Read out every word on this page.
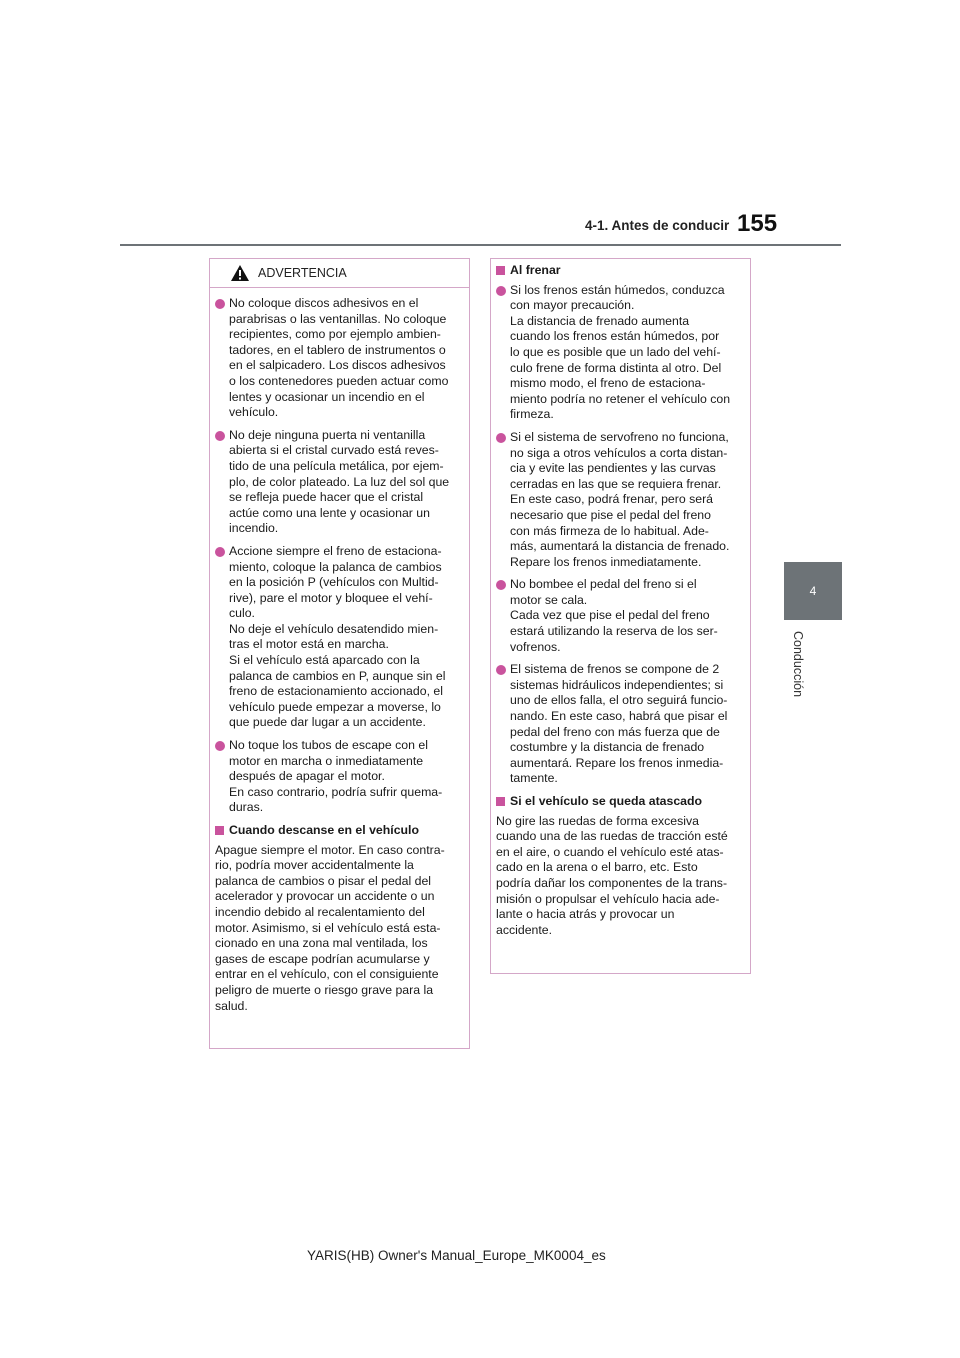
4-1. Antes de conducir 155
4
Conducción
ADVERTENCIA

No coloque discos adhesivos en el
parabrisas o las ventanillas. No coloque
recipientes, como por ejemplo ambien-
tadores, en el tablero de instrumentos o
en el salpicadero. Los discos adhesivos
o los contenedores pueden actuar como
lentes y ocasionar un incendio en el
vehículo.

No deje ninguna puerta ni ventanilla
abierta si el cristal curvado está reves-
tido de una película metálica, por ejem-
plo, de color plateado. La luz del sol que
se refleja puede hacer que el cristal
actúe como una lente y ocasionar un
incendio.

Accione siempre el freno de estaciona-
miento, coloque la palanca de cambios
en la posición P (vehículos con Multid-
rive), pare el motor y bloquee el vehí-
culo.
No deje el vehículo desatendido mien-
tras el motor está en marcha.
Si el vehículo está aparcado con la
palanca de cambios en P, aunque sin el
freno de estacionamiento accionado, el
vehículo puede empezar a moverse, lo
que puede dar lugar a un accidente.

No toque los tubos de escape con el
motor en marcha o inmediatamente
después de apagar el motor.
En caso contrario, podría sufrir quema-
duras.

Cuando descanse en el vehículo

Apague siempre el motor. En caso contra-
rio, podría mover accidentalmente la
palanca de cambios o pisar el pedal del
acelerador y provocar un accidente o un
incendio debido al recalentamiento del
motor. Asimismo, si el vehículo está esta-
cionado en una zona mal ventilada, los
gases de escape podrían acumularse y
entrar en el vehículo, con el consiguiente
peligro de muerte o riesgo grave para la
salud.

Al frenar

Si los frenos están húmedos, conduzca
con mayor precaución.
La distancia de frenado aumenta
cuando los frenos están húmedos, por
lo que es posible que un lado del vehí-
culo frene de forma distinta al otro. Del
mismo modo, el freno de estaciona-
miento podría no retener el vehículo con
firmeza.

Si el sistema de servofreno no funciona,
no siga a otros vehículos a corta distan-
cia y evite las pendientes y las curvas
cerradas en las que se requiera frenar.
En este caso, podrá frenar, pero será
necesario que pise el pedal del freno
con más firmeza de lo habitual. Ade-
más, aumentará la distancia de frenado.
Repare los frenos inmediatamente.

No bombee el pedal del freno si el
motor se cala.
Cada vez que pise el pedal del freno
estará utilizando la reserva de los ser-
vofrenos.

El sistema de frenos se compone de 2
sistemas hidráulicos independientes; si
uno de ellos falla, el otro seguirá funcio-
nando. En este caso, habrá que pisar el
pedal del freno con más fuerza que de
costumbre y la distancia de frenado
aumentará. Repare los frenos inmedia-
tamente.

Si el vehículo se queda atascado

No gire las ruedas de forma excesiva
cuando una de las ruedas de tracción esté
en el aire, o cuando el vehículo esté atas-
cado en la arena o el barro, etc. Esto
podría dañar los componentes de la trans-
misión o propulsar el vehículo hacia ade-
lante o hacia atrás y provocar un
accidente.

YARIS(HB) Owner's Manual_Europe_MK0004_es
